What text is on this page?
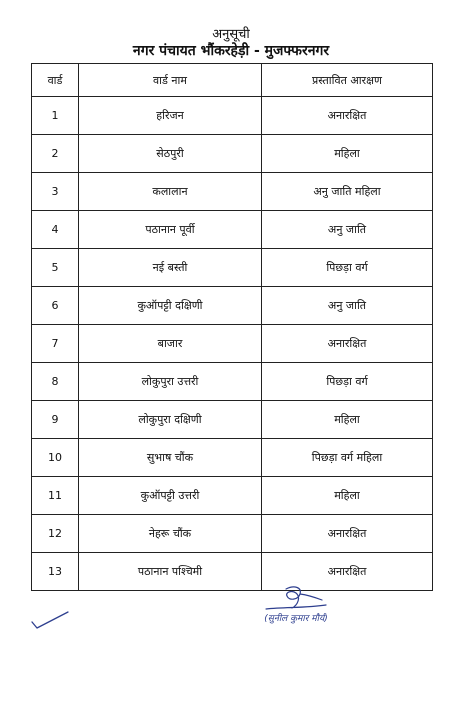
अनुसूची
नगर पंचायत भौंकरहेड़ी - मुजफ्फरनगर
वार्ड	वार्ड नाम	प्रस्तावित आरक्षण
1	हरिजन	अनारक्षित
2	सेठपुरी	महिला
3	कलालान	अनु जाति महिला
4	पठानान पूर्वी	अनु जाति
5	नई बस्ती	पिछड़ा वर्ग
6	कुऑपट्टी दक्षिणी	अनु जाति
7	बाजार	अनारक्षित
8	लोकुपुरा उत्तरी	पिछड़ा वर्ग
9	लोकुपुरा दक्षिणी	महिला
10	सुभाष चौंक	पिछड़ा वर्ग महिला
11	कुऑपट्टी उत्तरी	महिला
12	नेहरू चौंक	अनारक्षित
13	पठानान पश्चिमी	अनारक्षित
(सुनील कुमार मौर्य)
